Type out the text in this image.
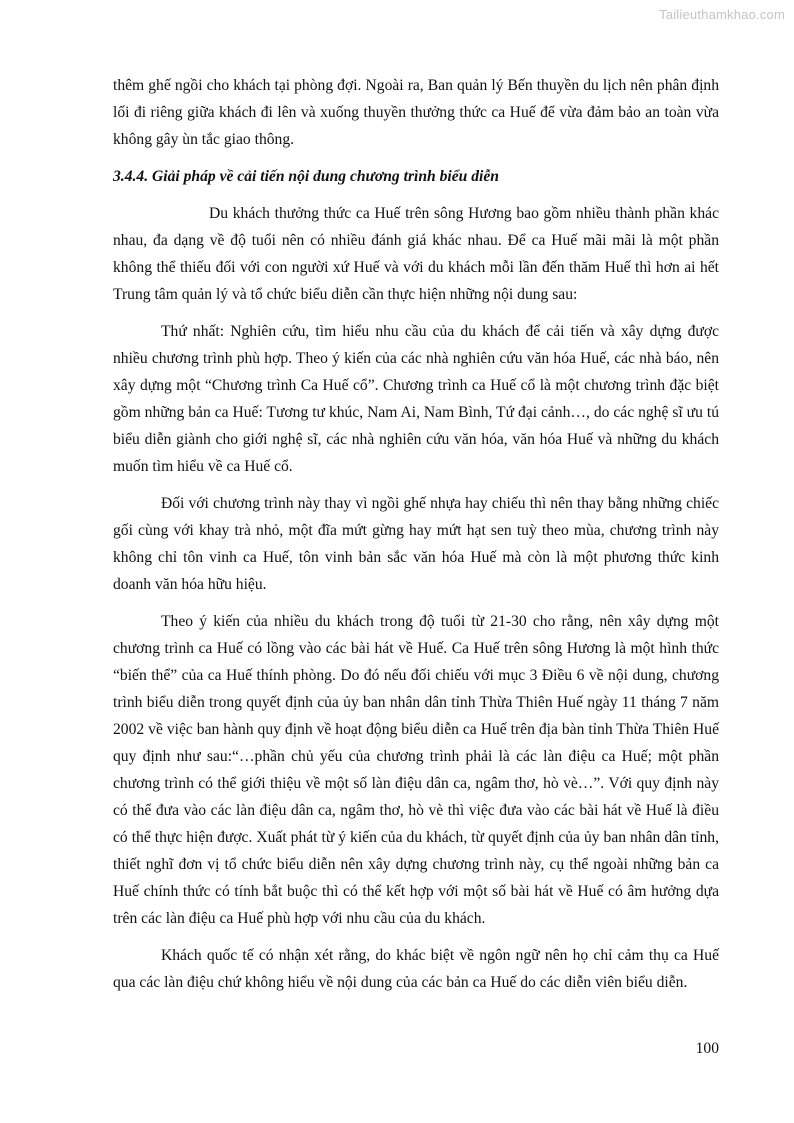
Tailieuthamkhao.com

thêm ghế ngồi cho khách tại phòng đợi. Ngoài ra, Ban quản lý Bến thuyền du lịch nên phân định lối đi riêng giữa khách đi lên và xuống thuyền thưởng thức ca Huế để vừa đảm bảo an toàn vừa không gây ùn tắc giao thông.

3.4.4. Giải pháp về cải tiến nội dung chương trình biểu diễn

Du khách thưởng thức ca Huế trên sông Hương bao gồm nhiều thành phần khác nhau, đa dạng về độ tuổi nên có nhiều đánh giá khác nhau. Để ca Huế mãi mãi là một phần không thể thiếu đối với con người xứ Huế và với du khách mỗi lần đến thăm Huế thì hơn ai hết Trung tâm quản lý và tổ chức biểu diễn cần thực hiện những nội dung sau:

Thứ nhất: Nghiên cứu, tìm hiểu nhu cầu của du khách để cải tiến và xây dựng được nhiều chương trình phù hợp. Theo ý kiến của các nhà nghiên cứu văn hóa Huế, các nhà báo, nên xây dựng một “Chương trình Ca Huế cổ”. Chương trình ca Huế cổ là một chương trình đặc biệt gồm những bản ca Huế: Tương tư khúc, Nam Ai, Nam Bình, Tứ đại cảnh…, do các nghệ sĩ ưu tú biểu diễn giành cho giới nghệ sĩ, các nhà nghiên cứu văn hóa, văn hóa Huế và những du khách muốn tìm hiểu về ca Huế cổ.

Đối với chương trình này thay vì ngồi ghế nhựa hay chiếu thì nên thay bằng những chiếc gối cùng với khay trà nhỏ, một đĩa mứt gừng hay mứt hạt sen tuỳ theo mùa, chương trình này không chỉ tôn vinh ca Huế, tôn vinh bản sắc văn hóa Huế mà còn là một phương thức kinh doanh văn hóa hữu hiệu.

Theo ý kiến của nhiều du khách trong độ tuổi từ 21-30 cho rằng, nên xây dựng một chương trình ca Huế có lồng vào các bài hát về Huế. Ca Huế trên sông Hương là một hình thức “biến thể” của ca Huế thính phòng. Do đó nếu đối chiếu với mục 3 Điều 6 về nội dung, chương trình biểu diễn trong quyết định của ủy ban nhân dân tỉnh Thừa Thiên Huế ngày 11 tháng 7 năm 2002 về việc ban hành quy định về hoạt động biểu diễn ca Huế trên địa bàn tỉnh Thừa Thiên Huế quy định như sau:“…phần chủ yếu của chương trình phải là các làn điệu ca Huế; một phần chương trình có thể giới thiệu về một số làn điệu dân ca, ngâm thơ, hò vè…”. Với quy định này có thể đưa vào các làn điệu dân ca, ngâm thơ, hò vè thì việc đưa vào các bài hát về Huế là điều có thể thực hiện được. Xuất phát từ ý kiến của du khách, từ quyết định của ủy ban nhân dân tỉnh, thiết nghĩ đơn vị tổ chức biểu diễn nên xây dựng chương trình này, cụ thể ngoài những bản ca Huế chính thức có tính bắt buộc thì có thể kết hợp với một số bài hát về Huế có âm hưởng dựa trên các làn điệu ca Huế phù hợp với nhu cầu của du khách.

Khách quốc tế có nhận xét rằng, do khác biệt về ngôn ngữ nên họ chỉ cảm thụ ca Huế qua các làn điệu chứ không hiểu về nội dung của các bản ca Huế do các diễn viên biểu diễn.

100
